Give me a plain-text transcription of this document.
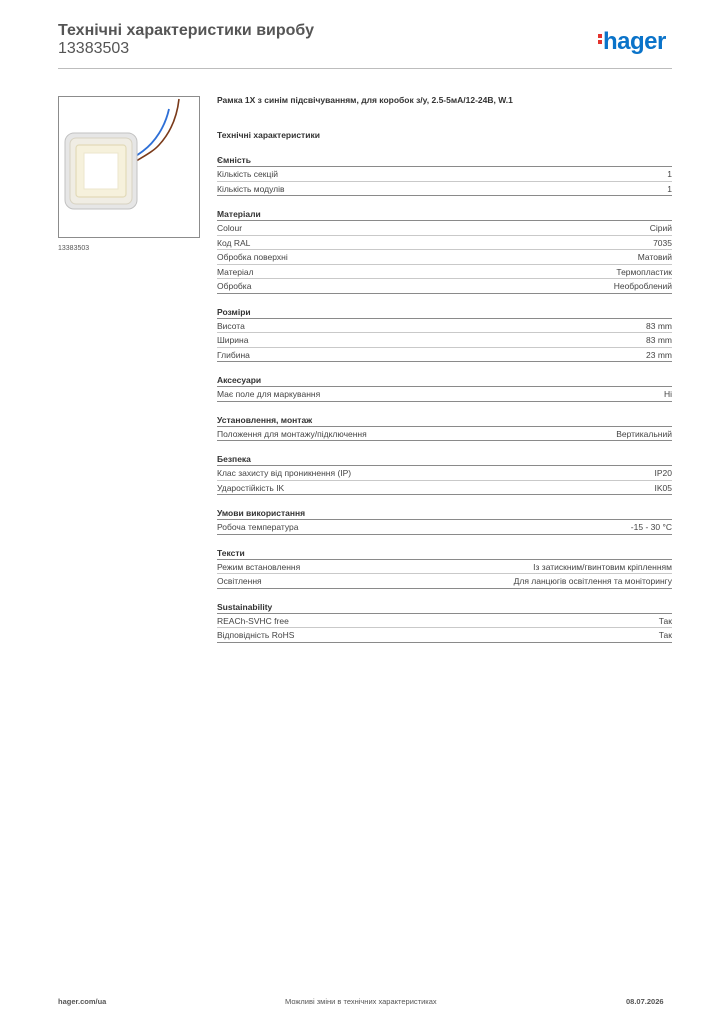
Технічні характеристики виробу
13383503	hager
13383503
Рамка 1Х з синім підсвічуванням, для коробок з/у, 2.5-5мА/12-24В, W.1
Технічні характеристики
Ємність
Кількість секцій	1
Кількість модулів	1
Матеріали
Colour	Сірий
Код RAL	7035
Обробка поверхні	Матовий
Матеріал	Термопластик
Обробка	Необроблений
Розміри
Висота	83 mm
Ширина	83 mm
Глибина	23 mm
Аксесуари
Має поле для маркування	Ні
Установлення, монтаж
Положення для монтажу/підключення	Вертикальний
Безпека
Клас захисту від проникнення (IP)	IP20
Ударостійкість IK	IK05
Умови використання
Робоча температура	-15 - 30 °C
Тексти
Режим встановлення	Із затискним/гвинтовим кріпленням
Освітлення	Для ланцюгів освітлення та моніторингу
Sustainability
REACh-SVHC free	Так
Відповідність RoHS	Так
hager.com/ua	Можливі зміни в технічних характеристиках	08.07.2026
